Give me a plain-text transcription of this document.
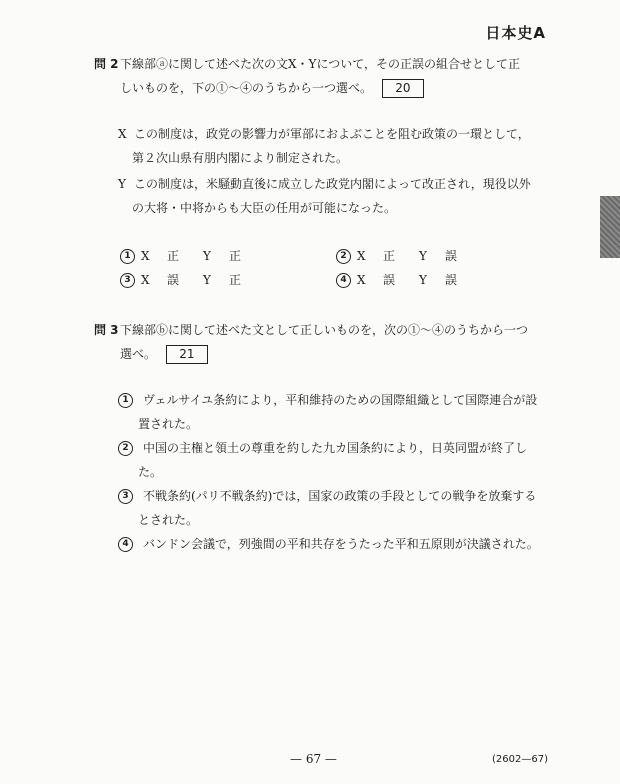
日本史A
問 2 下線部ⓐに関して述べた次の文X・Yについて，その正誤の組合せとして正
しいものを，下の①～④のうちから一つ選べ。 20
X この制度は，政党の影響力が軍部におよぶことを阻む政策の一環として，
第２次山県有朋内閣により制定された。
Y この制度は，米騒動直後に成立した政党内閣によって改正され，現役以外
の大将・中将からも大臣の任用が可能になった。
1 X 正 Y 正	2 X 正 Y 誤
3 X 誤 Y 正	4 X 誤 Y 誤
問 3 下線部ⓑに関して述べた文として正しいものを，次の①～④のうちから一つ
選べ。 21
1 ヴェルサイユ条約により，平和維持のための国際組織として国際連合が設
置された。
2 中国の主権と領土の尊重を約した九カ国条約により，日英同盟が終了し
た。
3 不戦条約(パリ不戦条約)では，国家の政策の手段としての戦争を放棄する
とされた。
4 バンドン会議で，列強間の平和共存をうたった平和五原則が決議された。
— 67 —	(2602—67)
